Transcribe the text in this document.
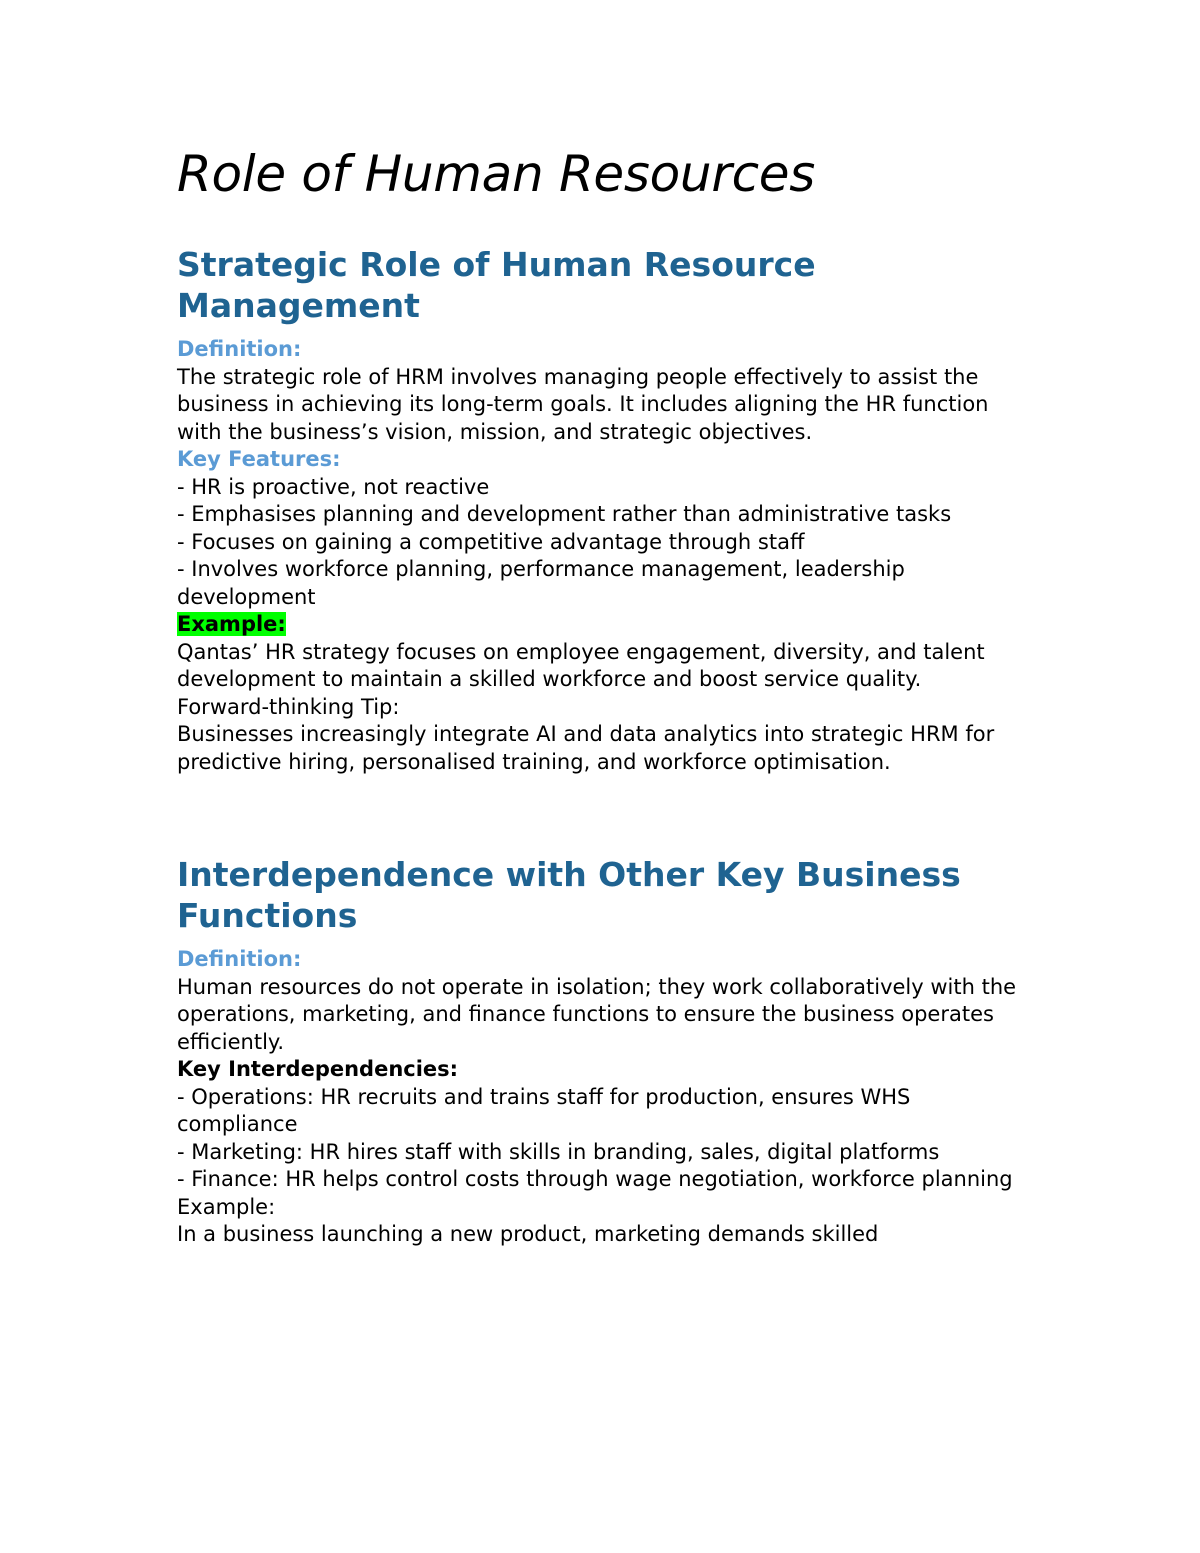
Role of Human Resources
Strategic Role of Human Resource Management
Definition:

The strategic role of HRM involves managing people effectively to assist the business in achieving its long-term goals. It includes aligning the HR function with the business’s vision, mission, and strategic objectives.

Key Features:
- HR is proactive, not reactive
- Emphasises planning and development rather than administrative tasks
- Focuses on gaining a competitive advantage through staff
- Involves workforce planning, performance management, leadership development
Example:

Qantas’ HR strategy focuses on employee engagement, diversity, and talent development to maintain a skilled workforce and boost service quality.

Forward-thinking Tip:

Businesses increasingly integrate AI and data analytics into strategic HRM for predictive hiring, personalised training, and workforce optimisation.

Interdependence with Other Key Business Functions
Definition:

Human resources do not operate in isolation; they work collaboratively with the operations, marketing, and finance functions to ensure the business operates efficiently.

Key Interdependencies:
- Operations: HR recruits and trains staff for production, ensures WHS compliance
- Marketing: HR hires staff with skills in branding, sales, digital platforms
- Finance: HR helps control costs through wage negotiation, workforce planning

Example:

In a business launching a new product, marketing demands skilled
